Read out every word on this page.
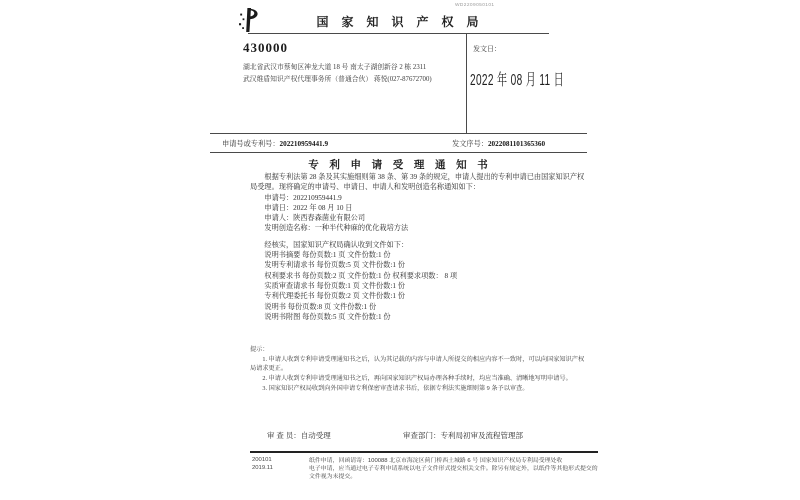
WD2209050101
国 家 知 识 产 权 局
430000
湖北省武汉市蔡甸区神龙大道 18 号 南太子湖创新谷 2 栋 2311
武汉维盾知识产权代理事务所（普通合伙） 蒋悦(027-87672700)
发文日：
2022 年 08 月 11 日
申请号或专利号：202210959441.9	发文序号：2022081101365360
专 利 申 请 受 理 通 知 书

根据专利法第 28 条及其实施细则第 38 条、第 39 条的规定，申请人提出的专利申请已由国家知识产权局受理。现将确定的申请号、申请日、申请人和发明创造名称通知如下：

申请号：202210959441.9
申请日：2022 年 08 月 10 日
申请人：陕西春森菌业有限公司
发明创造名称：一种半代种麻的优化栽培方法
经核实，国家知识产权局确认收到文件如下：
说明书摘要 每份页数:1 页 文件份数:1 份
发明专利请求书 每份页数:5 页 文件份数:1 份
权利要求书 每份页数:2 页 文件份数:1 份 权利要求项数： 8 项
实质审查请求书 每份页数:1 页 文件份数:1 份
专利代理委托书 每份页数:2 页 文件份数:1 份
说明书 每份页数:8 页 文件份数:1 份
说明书附图 每份页数:5 页 文件份数:1 份

提示：

1. 申请人收到专利申请受理通知书之后，认为其记载的内容与申请人所提交的相应内容不一致时，可以向国家知识产权局请求更正。

2. 申请人收到专利申请受理通知书之后，再向国家知识产权局办理各种手续时，均应当准确、清晰地写明申请号。

3. 国家知识产权局收到向外国申请专利保密审查请求书后，依据专利法实施细则第 9 条予以审查。

审 查 员：自动受理	审查部门：专利局初审及流程管理部
200101	纸件申请，回函请寄：100088 北京市海淀区蓟门桥西土城路 6 号 国家知识产权局专利局受理处收
2019.11	电子申请，应当通过电子专利申请系统以电子文件形式提交相关文件。除另有规定外，以纸件等其他形式提交的文件视为未提交。
